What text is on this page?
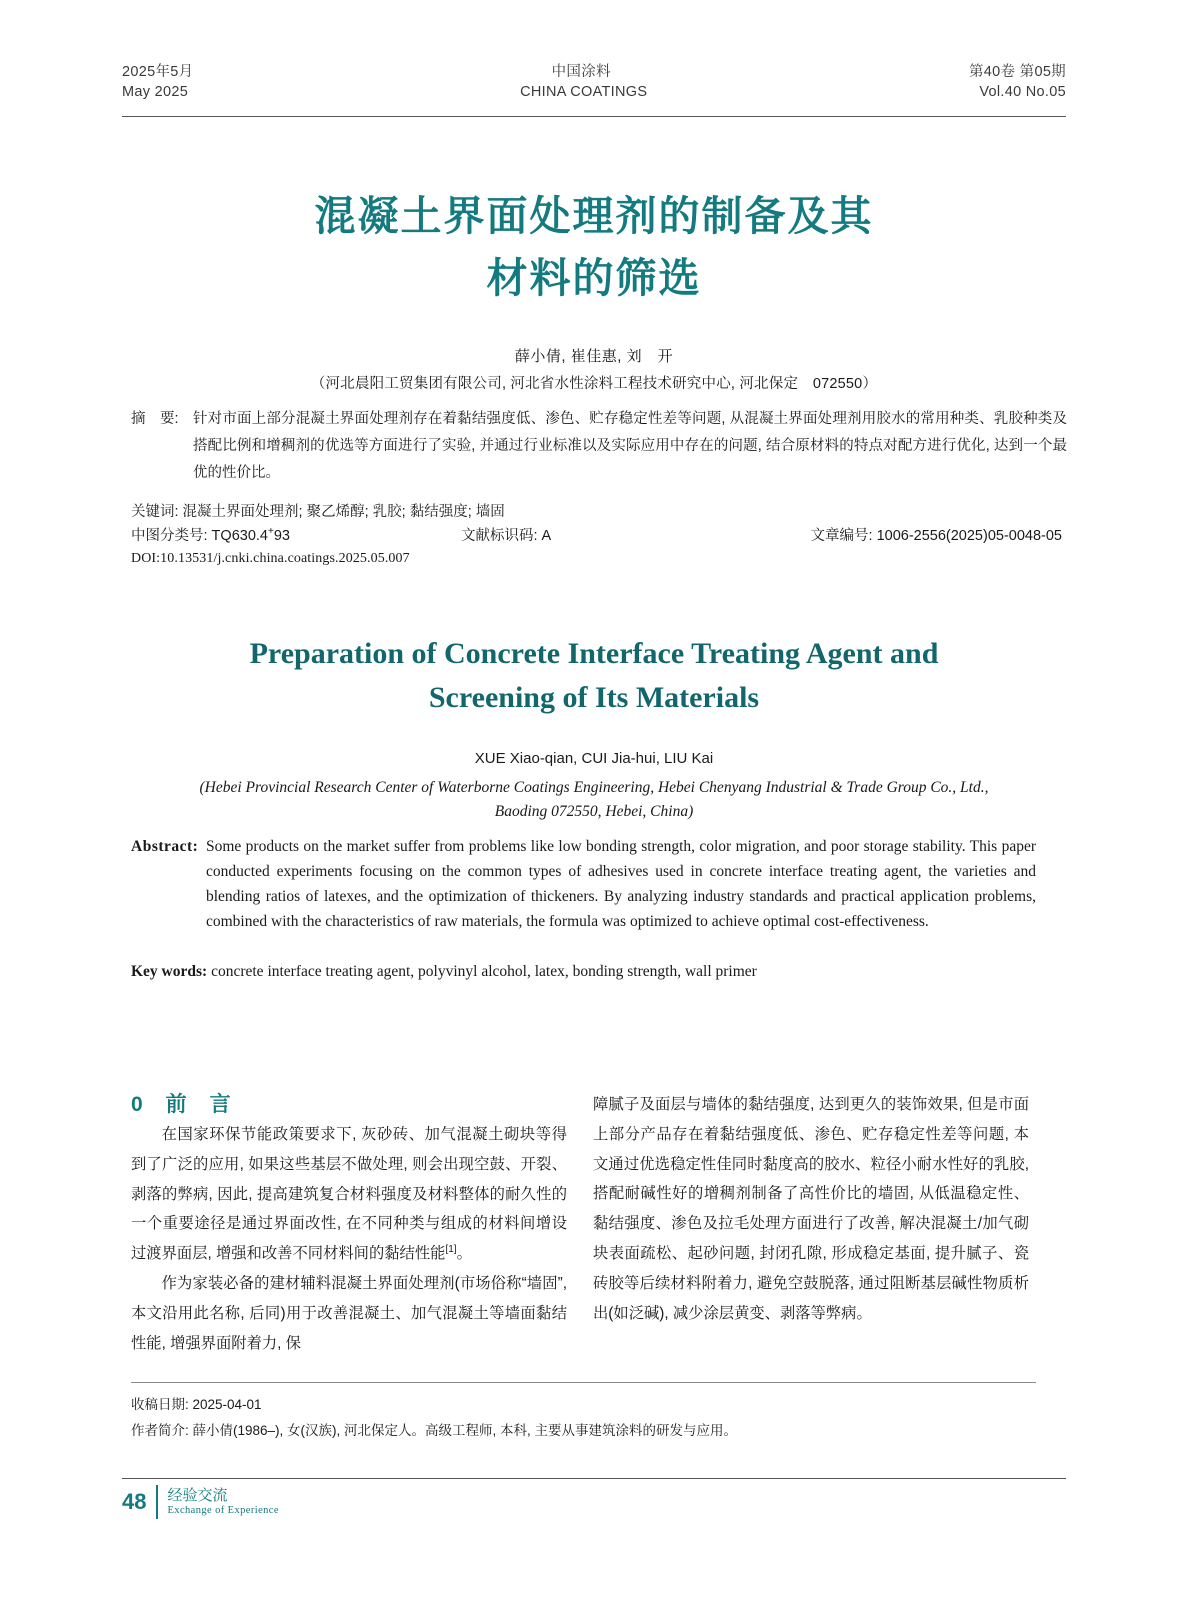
2025年5月	中国涂料	第40卷 第05期
May 2025	CHINA COATINGS	Vol.40 No.05
混凝土界面处理剂的制备及其
材料的筛选
薛小倩, 崔佳惠, 刘　开
（河北晨阳工贸集团有限公司, 河北省水性涂料工程技术研究中心, 河北保定　072550）
摘　要: 针对市面上部分混凝土界面处理剂存在着黏结强度低、渗色、贮存稳定性差等问题, 从混凝土界面处理剂用胶水的常用种类、乳胶种类及搭配比例和增稠剂的优选等方面进行了实验, 并通过行业标准以及实际应用中存在的问题, 结合原材料的特点对配方进行优化, 达到一个最优的性价比。
关键词: 混凝土界面处理剂; 聚乙烯醇; 乳胶; 黏结强度; 墙固
中图分类号: TQ630.4+93	文献标识码: A	文章编号: 1006-2556(2025)05-0048-05
DOI:10.13531/j.cnki.china.coatings.2025.05.007
Preparation of Concrete Interface Treating Agent and
Screening of Its Materials
XUE Xiao-qian, CUI Jia-hui, LIU Kai
(Hebei Provincial Research Center of Waterborne Coatings Engineering, Hebei Chenyang Industrial & Trade Group Co., Ltd.,
Baoding 072550, Hebei, China)
Abstract: Some products on the market suffer from problems like low bonding strength, color migration, and poor storage stability. This paper conducted experiments focusing on the common types of adhesives used in concrete interface treating agent, the varieties and blending ratios of latexes, and the optimization of thickeners. By analyzing industry standards and practical application problems, combined with the characteristics of raw materials, the formula was optimized to achieve optimal cost-effectiveness.
Key words: concrete interface treating agent, polyvinyl alcohol, latex, bonding strength, wall primer
0　前　言

在国家环保节能政策要求下, 灰砂砖、加气混凝土砌块等得到了广泛的应用, 如果这些基层不做处理, 则会出现空鼓、开裂、剥落的弊病, 因此, 提高建筑复合材料强度及材料整体的耐久性的一个重要途径是通过界面改性, 在不同种类与组成的材料间增设过渡界面层, 增强和改善不同材料间的黏结性能[1]。

作为家装必备的建材辅料混凝土界面处理剂(市场俗称“墙固”, 本文沿用此名称, 后同)用于改善混凝土、加气混凝土等墙面黏结性能, 增强界面附着力, 保

障腻子及面层与墙体的黏结强度, 达到更久的装饰效果, 但是市面上部分产品存在着黏结强度低、渗色、贮存稳定性差等问题, 本文通过优选稳定性佳同时黏度高的胶水、粒径小耐水性好的乳胶, 搭配耐碱性好的增稠剂制备了高性价比的墙固, 从低温稳定性、黏结强度、渗色及拉毛处理方面进行了改善, 解决混凝土/加气砌块表面疏松、起砂问题, 封闭孔隙, 形成稳定基面, 提升腻子、瓷砖胶等后续材料附着力, 避免空鼓脱落, 通过阻断基层碱性物质析出(如泛碱), 减少涂层黄变、剥落等弊病。

收稿日期: 2025-04-01
作者简介: 薛小倩(1986–), 女(汉族), 河北保定人。高级工程师, 本科, 主要从事建筑涂料的研发与应用。
48 经验交流
Exchange of Experience
